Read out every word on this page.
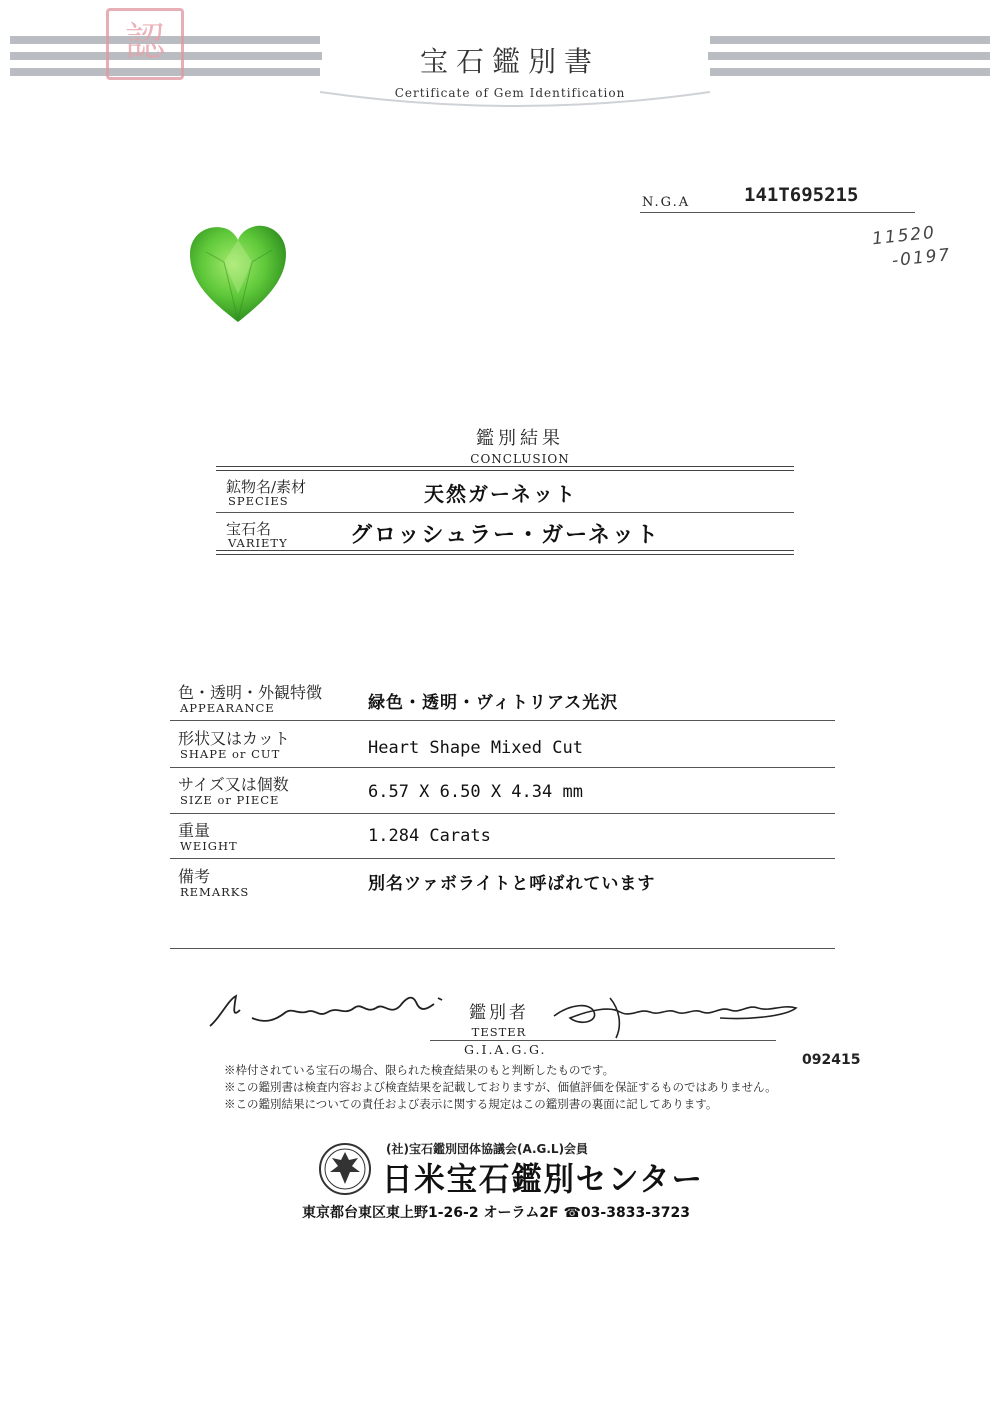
認	宝石鑑別書
Certificate of Gem Identification
N.G.A	141T695215
11520
-0197
鑑別結果
CONCLUSION
鉱物名/素材
SPECIES	天然ガーネット
宝石名
VARIETY	グロッシュラー・ガーネット
色・透明・外観特徴
APPEARANCE	緑色・透明・ヴィトリアス光沢
形状又はカット
SHAPE or CUT	Heart Shape Mixed Cut
サイズ又は個数
SIZE or PIECE	6.57 X 6.50 X 4.34 mm
重量
WEIGHT	1.284 Carats
備考
REMARKS	別名ツァボライトと呼ばれています
鑑別者
TESTER
G.I.A.G.G.
092415
※枠付されている宝石の場合、限られた検査結果のもと判断したものです。
※この鑑別書は検査内容および検査結果を記載しておりますが、価値評価を保証するものではありません。
※この鑑別結果についての責任および表示に関する規定はこの鑑別書の裏面に記してあります。
(社)宝石鑑別団体協議会(A.G.L)会員
日米宝石鑑別センター
東京都台東区東上野1-26-2 オーラム2F ☎03-3833-3723
